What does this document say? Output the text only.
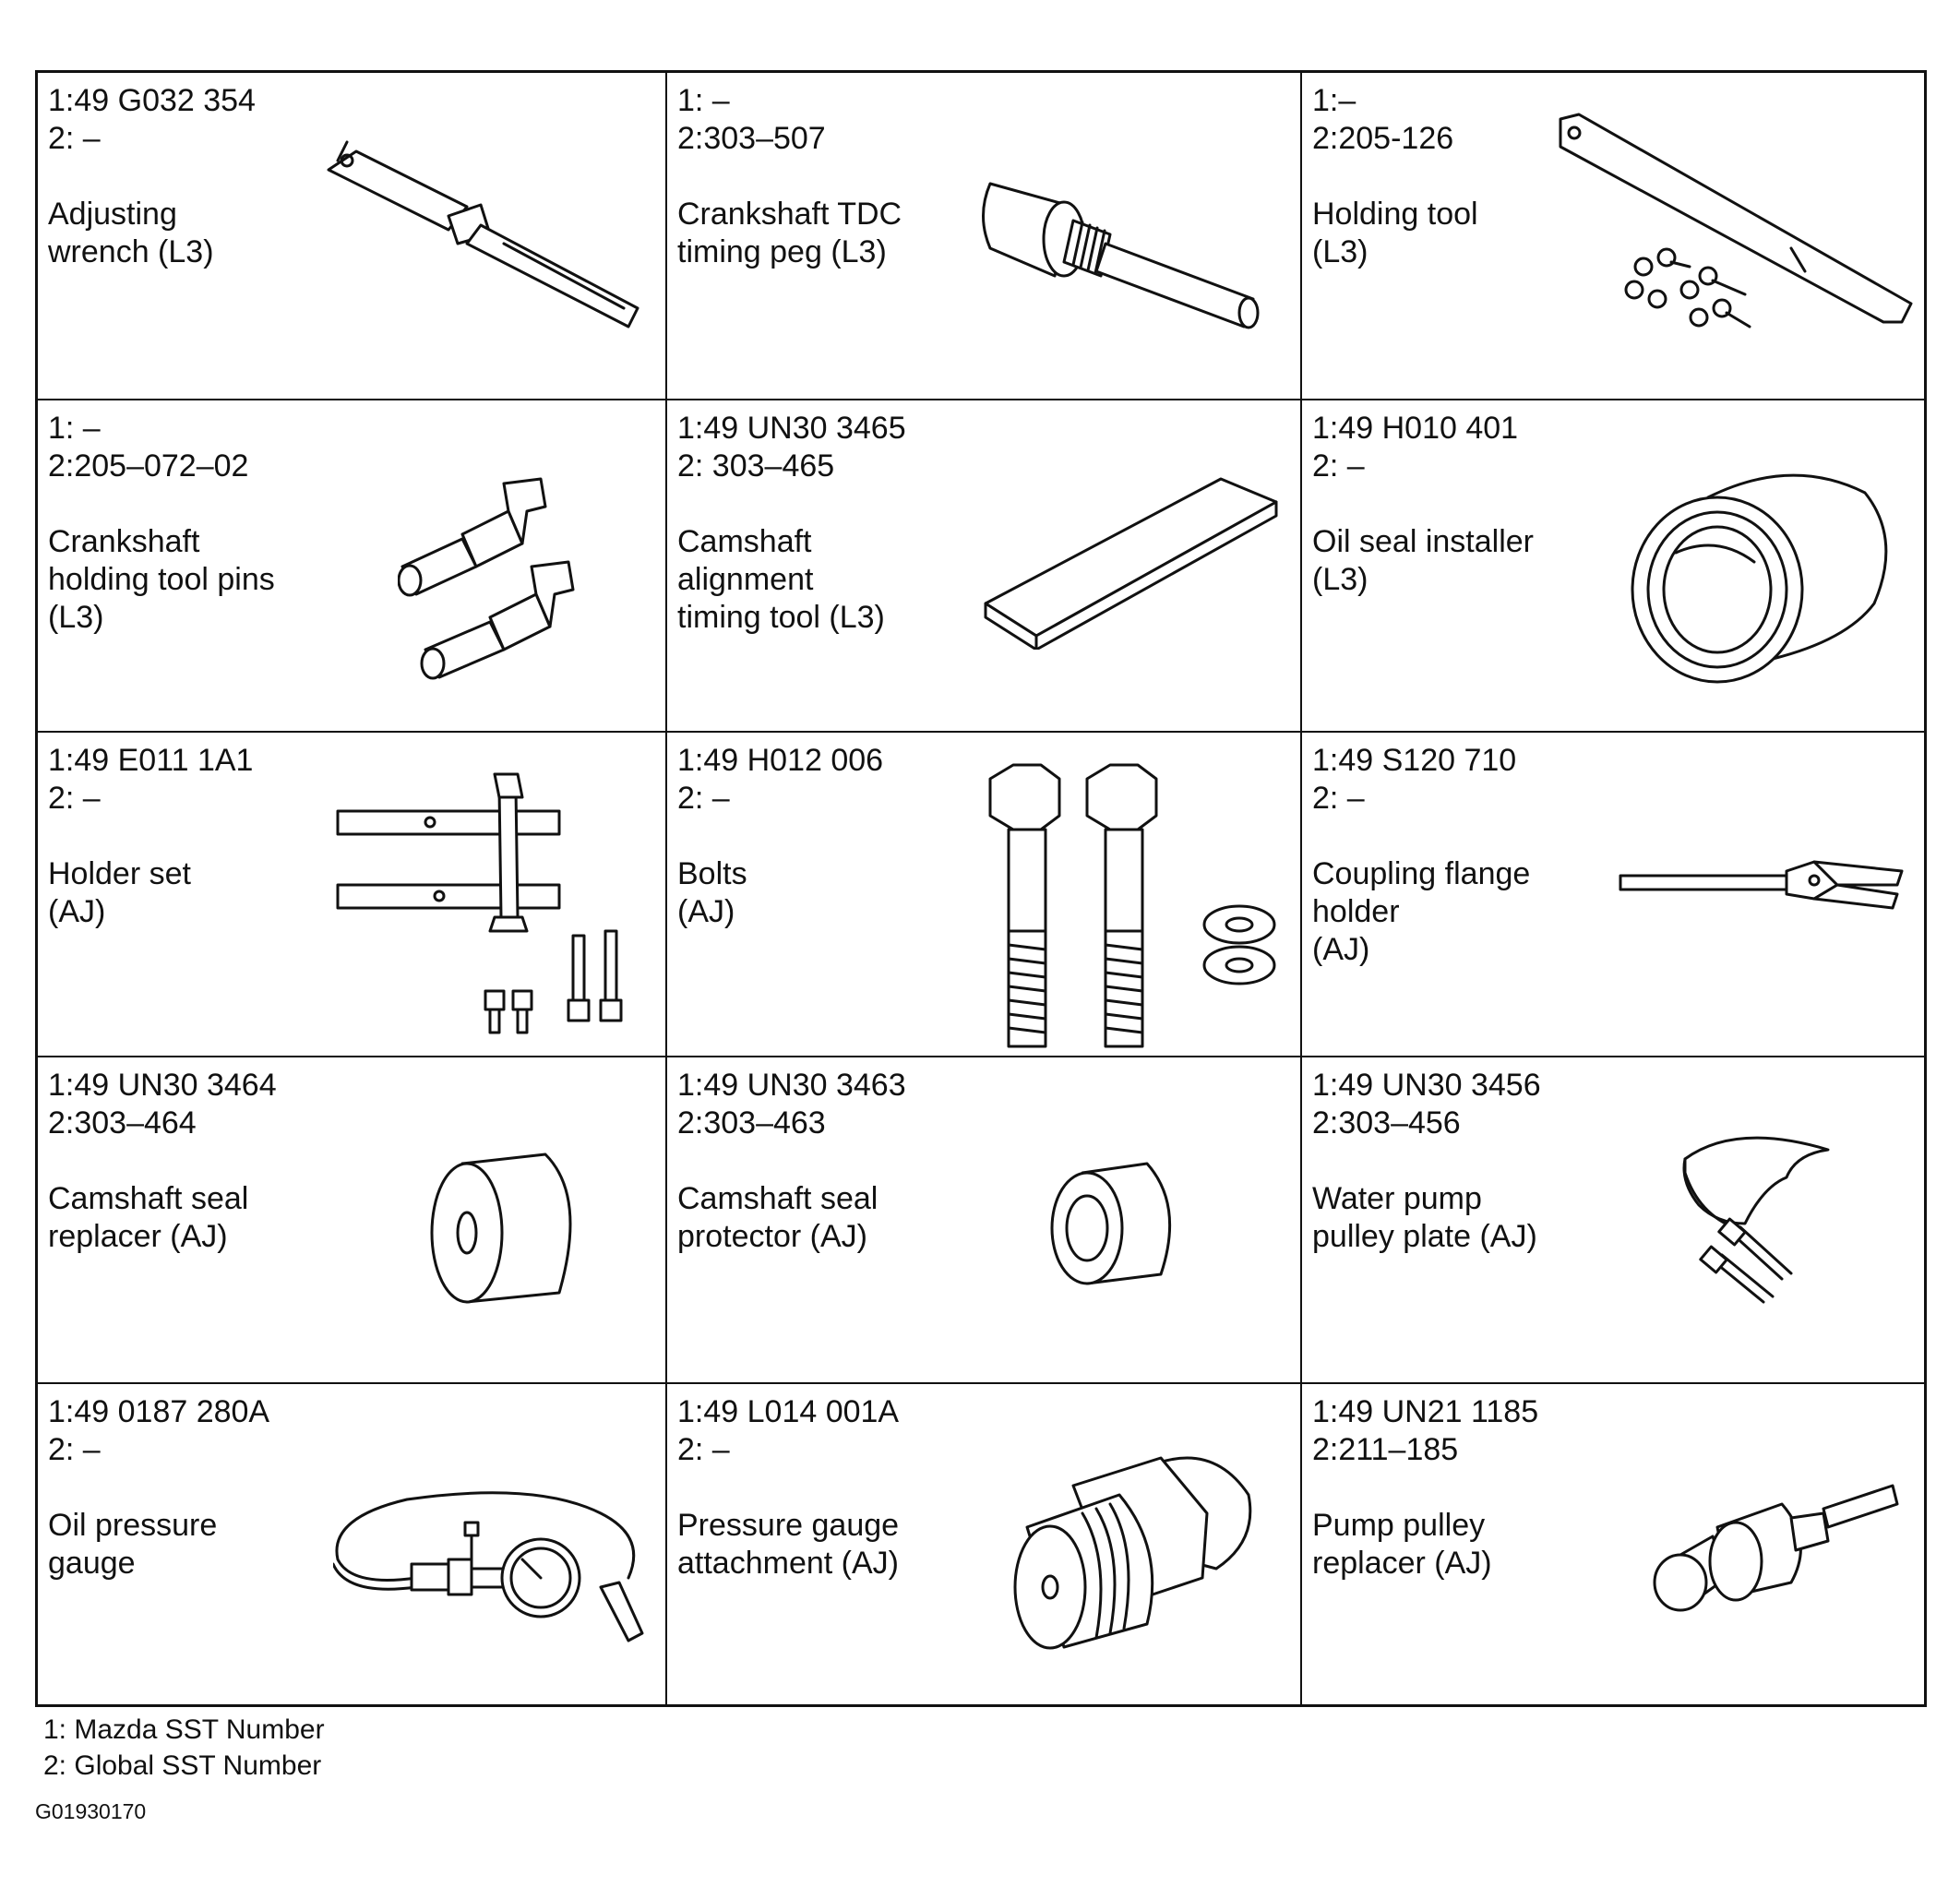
1:49 G032 354
2: –
Adjusting
wrench (L3)
1: –
2:303–507
Crankshaft TDC
timing peg (L3)
1:–
2:205-126
Holding tool
(L3)
1: –
2:205–072–02
Crankshaft
holding tool pins
(L3)
1:49 UN30 3465
2: 303–465
Camshaft
alignment
timing tool (L3)
1:49 H010 401
2: –
Oil seal installer
(L3)
1:49 E011 1A1
2: –
Holder set
(AJ)
1:49 H012 006
2: –
Bolts
(AJ)
1:49 S120 710
2: –
Coupling flange
holder
(AJ)
1:49 UN30 3464
2:303–464
Camshaft seal
replacer (AJ)
1:49 UN30 3463
2:303–463
Camshaft seal
protector (AJ)
1:49 UN30 3456
2:303–456
Water pump
pulley plate (AJ)
1:49 0187 280A
2: –
Oil pressure
gauge
1:49 L014 001A
2: –
Pressure gauge
attachment (AJ)
1:49 UN21 1185
2:211–185
Pump pulley
replacer (AJ)
1: Mazda SST Number
2: Global SST Number
G01930170
